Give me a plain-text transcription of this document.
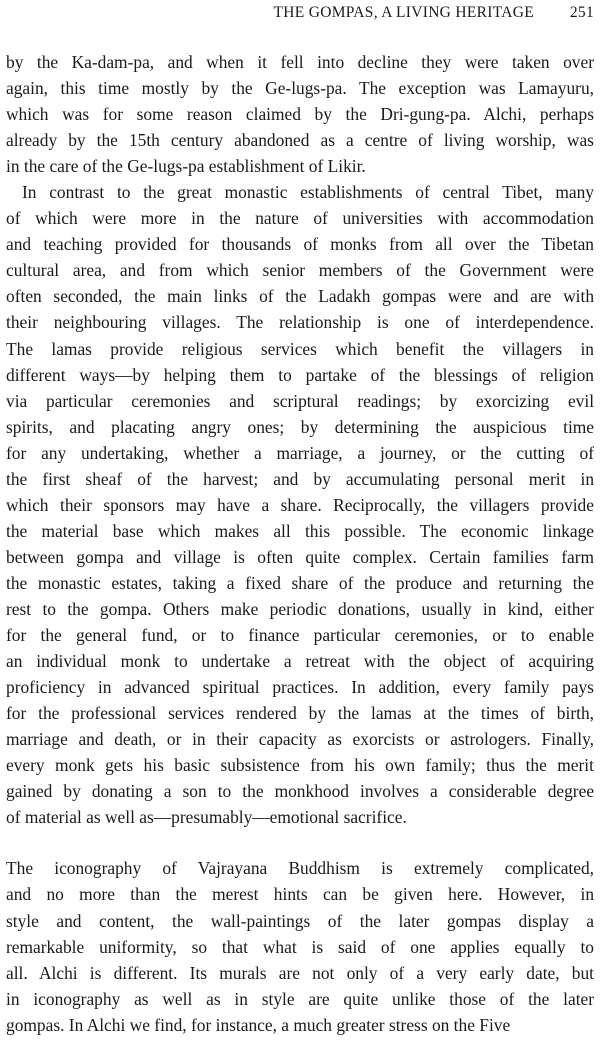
THE GOMPAS, A LIVING HERITAGE 251
by the Ka-dam-pa, and when it fell into decline they were taken over
again, this time mostly by the Ge-lugs-pa. The exception was Lamayuru,
which was for some reason claimed by the Dri-gung-pa. Alchi, perhaps
already by the 15th century abandoned as a centre of living worship, was
in the care of the Ge-lugs-pa establishment of Likir.
In contrast to the great monastic establishments of central Tibet, many
of which were more in the nature of universities with accommodation
and teaching provided for thousands of monks from all over the Tibetan
cultural area, and from which senior members of the Government were
often seconded, the main links of the Ladakh gompas were and are with
their neighbouring villages. The relationship is one of interdependence.
The lamas provide religious services which benefit the villagers in
different ways—by helping them to partake of the blessings of religion
via particular ceremonies and scriptural readings; by exorcizing evil
spirits, and placating angry ones; by determining the auspicious time
for any undertaking, whether a marriage, a journey, or the cutting of
the first sheaf of the harvest; and by accumulating personal merit in
which their sponsors may have a share. Reciprocally, the villagers provide
the material base which makes all this possible. The economic linkage
between gompa and village is often quite complex. Certain families farm
the monastic estates, taking a fixed share of the produce and returning the
rest to the gompa. Others make periodic donations, usually in kind, either
for the general fund, or to finance particular ceremonies, or to enable
an individual monk to undertake a retreat with the object of acquiring
proficiency in advanced spiritual practices. In addition, every family pays
for the professional services rendered by the lamas at the times of birth,
marriage and death, or in their capacity as exorcists or astrologers. Finally,
every monk gets his basic subsistence from his own family; thus the merit
gained by donating a son to the monkhood involves a considerable degree
of material as well as—presumably—emotional sacrifice.
The iconography of Vajrayana Buddhism is extremely complicated,
and no more than the merest hints can be given here. However, in
style and content, the wall-paintings of the later gompas display a
remarkable uniformity, so that what is said of one applies equally to
all. Alchi is different. Its murals are not only of a very early date, but
in iconography as well as in style are quite unlike those of the later
gompas. In Alchi we find, for instance, a much greater stress on the Five
